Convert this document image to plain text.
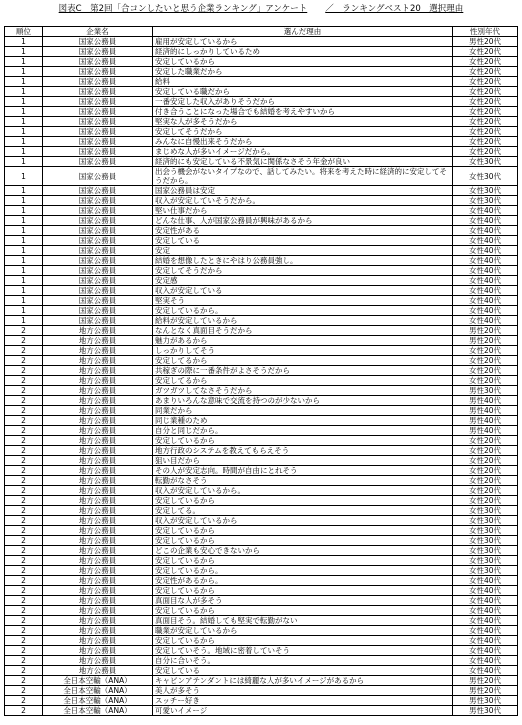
図表C　第2回「合コンしたいと思う企業ランキング」アンケート ／　ランキングベスト20　選択理由
順位	企業名	選んだ理由	性別年代
1	国家公務員	雇用が安定しているから	男性20代
1	国家公務員	経済的にしっかりしているため	女性20代
1	国家公務員	安定しているから	女性20代
1	国家公務員	安定した職業だから	女性20代
1	国家公務員	給料	女性20代
1	国家公務員	安定している職だから	女性20代
1	国家公務員	一番安定した収入がありそうだから	女性20代
1	国家公務員	付き合うことになった場合でも結婚を考えやすいから	女性20代
1	国家公務員	堅実な人が多そうだから	女性20代
1	国家公務員	安定してそうだから	女性20代
1	国家公務員	みんなに自慢出来そうだから	女性20代
1	国家公務員	まじめな人が多いイメージだから。	女性20代
1	国家公務員	経済的にも安定している不景気に関係なさそう年金が良い	女性30代
1	国家公務員	出会う機会がないタイプなので、話してみたい。将来を考えた時に経済的に安定してそうだから。	女性30代
1	国家公務員	国家公務員は安定	女性30代
1	国家公務員	収入が安定していそうだから。	女性30代
1	国家公務員	堅い仕事だから	女性40代
1	国家公務員	どんな仕事、人が国家公務員が興味があるから	女性40代
1	国家公務員	安定性がある	女性40代
1	国家公務員	安定している	女性40代
1	国家公務員	安定	女性40代
1	国家公務員	結婚を想像したときにやはり公務員強し。	女性40代
1	国家公務員	安定してそうだから	女性40代
1	国家公務員	安定感	女性40代
1	国家公務員	収入が安定している	女性40代
1	国家公務員	堅実そう	女性40代
1	国家公務員	安定しているから。	女性40代
1	国家公務員	給料が安定しているから	女性40代
2	地方公務員	なんとなく真面目そうだから	男性20代
2	地方公務員	魅力があるから	男性20代
2	地方公務員	しっかりしてそう	女性20代
2	地方公務員	安定してるから	女性20代
2	地方公務員	共稼ぎの際に一番条件がよさそうだから	女性20代
2	地方公務員	安定してるから	女性20代
2	地方公務員	ガツガツしてなさそうだから	男性30代
2	地方公務員	あまりいろんな意味で交流を持つのが少ないから	男性40代
2	地方公務員	同業だから	男性40代
2	地方公務員	同じ業種のため	男性40代
2	地方公務員	自分と同じだから。	男性40代
2	地方公務員	安定しているから	女性20代
2	地方公務員	地方行政のシステムを教えてもらえそう	女性20代
2	地方公務員	狙い目だから	女性20代
2	地方公務員	その人が安定志向。時間が自由にとれそう	女性20代
2	地方公務員	転勤がなさそう	女性20代
2	地方公務員	収入が安定しているから。	女性20代
2	地方公務員	安定しているから	女性20代
2	地方公務員	安定してる。	女性30代
2	地方公務員	収入が安定しているから	女性30代
2	地方公務員	安定しているから	女性30代
2	地方公務員	安定しているから	女性30代
2	地方公務員	どこの企業も安心できないから	女性30代
2	地方公務員	安定しているから	女性30代
2	地方公務員	安定しているから。	女性30代
2	地方公務員	安定性があるから。	女性40代
2	地方公務員	安定しているから	女性40代
2	地方公務員	真面目な人が多そう	女性40代
2	地方公務員	安定しているから	女性40代
2	地方公務員	真面目そう。結婚しても堅実で転勤がない	女性40代
2	地方公務員	職業が安定しているから	女性40代
2	地方公務員	安定しているから	女性40代
2	地方公務員	安定していそう。地域に密着していそう	女性40代
2	地方公務員	自分に合いそう。	女性40代
2	地方公務員	安定している	女性40代
2	全日本空輸（ANA）	キャビンアテンダントには綺麗な人が多いイメージがあるから	男性20代
2	全日本空輸（ANA）	美人が多そう	男性20代
2	全日本空輸（ANA）	スッチー好き	男性30代
2	全日本空輸（ANA）	可愛いイメージ	男性30代
